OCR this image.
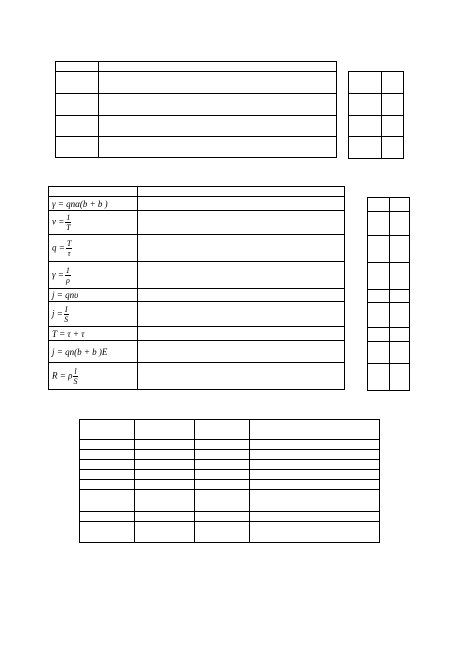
γ = qnα(b + b )	
$\nu = \frac{1}{T}$

$q = \frac{T}{\tau}$

$\gamma = \frac{1}{\rho}$

j = qnυ	
$j = \frac{I}{S}$

T = τ + τ	
j = qn(b + b )E	
R = ρ $\frac{l}{S}$
